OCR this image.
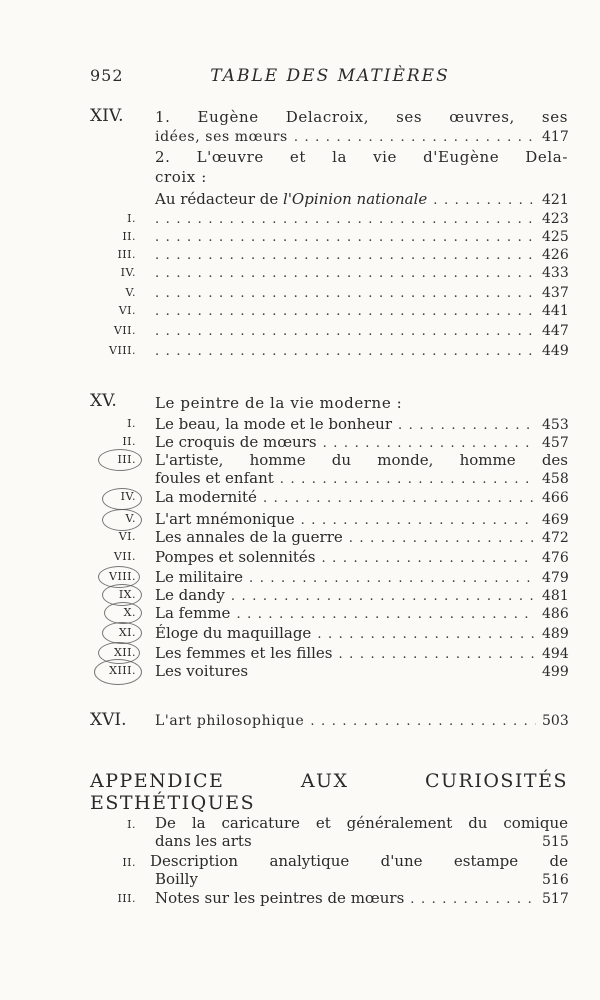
952	TABLE DES MATIÈRES
XIV. 1. Eugène Delacroix, ses œuvres, ses
idées, ses mœurs . . .	417
2. L'œuvre et la vie d'Eugène Dela-
croix :
Au rédacteur de l'Opinion nationale . . .	421
I. . . .	423
II. . . .	425
III. . . .	426
IV. . . .	433
V. . . .	437
VI. . . .	441
VII. . . .	447
VIII. . . .	449
XV.	Le peintre de la vie moderne :
I. Le beau, la mode et le bonheur . . .	453
II. Le croquis de mœurs . . .	457
III. L'artiste, homme du monde, homme des
foules et enfant . . .	458
IV. La modernité . . .	466
V. L'art mnémonique . . .	469
VI. Les annales de la guerre . . .	472
VII. Pompes et solennités . . .	476
VIII. Le militaire . . .	479
IX. Le dandy . . .	481
X. La femme . . .	486
XI. Éloge du maquillage . . .	489
XII. Les femmes et les filles . . .	494
XIII. Les voitures	499
XVI. L'art philosophique . . .	503
APPENDICE AUX CURIOSITÉS ESTHÉTIQUES
I. De la caricature et généralement du comique
dans les arts	515
II. Description analytique d'une estampe de
Boilly	516
III. Notes sur les peintres de mœurs . . .	517
